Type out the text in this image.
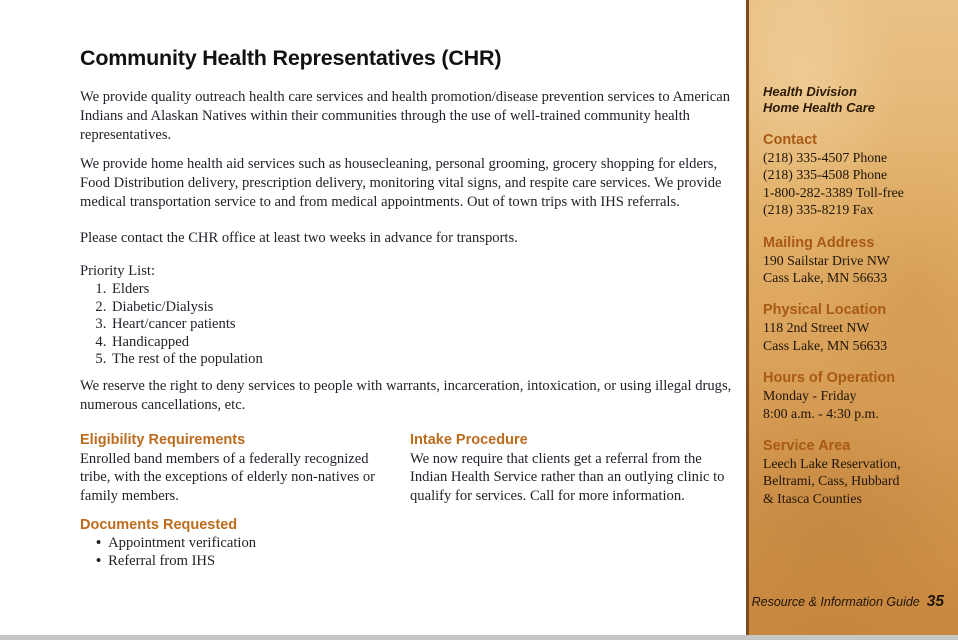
Community Health Representatives (CHR)

We provide quality outreach health care services and health promotion/disease prevention services to American Indians and Alaskan Natives within their communities through the use of well-trained community health representatives.

We provide home health aid services such as housecleaning, personal grooming, grocery shopping for elders, Food Distribution delivery, prescription delivery, monitoring vital signs, and respite care services. We provide medical transportation service to and from medical appointments. Out of town trips with IHS referrals.

Please contact the CHR office at least two weeks in advance for transports.

Priority List:
1. Elders
2. Diabetic/Dialysis
3. Heart/cancer patients
4. Handicapped
5. The rest of the population

We reserve the right to deny services to people with warrants, incarceration, intoxication, or using illegal drugs, numerous cancellations, etc.

Eligibility Requirements

Enrolled band members of a federally recognized tribe, with the exceptions of elderly non-natives or family members.

Intake Procedure

We now require that clients get a referral from the Indian Health Service rather than an outlying clinic to qualify for services. Call for more information.

Documents Requested
• Appointment verification
• Referral from IHS
Health Division
Home Health Care
Contact
(218) 335-4507 Phone
(218) 335-4508 Phone
1-800-282-3389 Toll-free
(218) 335-8219 Fax
Mailing Address
190 Sailstar Drive NW
Cass Lake, MN 56633
Physical Location
118 2nd Street NW
Cass Lake, MN 56633
Hours of Operation
Monday - Friday
8:00 a.m. - 4:30 p.m.
Service Area
Leech Lake Reservation,
Beltrami, Cass, Hubbard
& Itasca Counties
Resource & Information Guide 35
